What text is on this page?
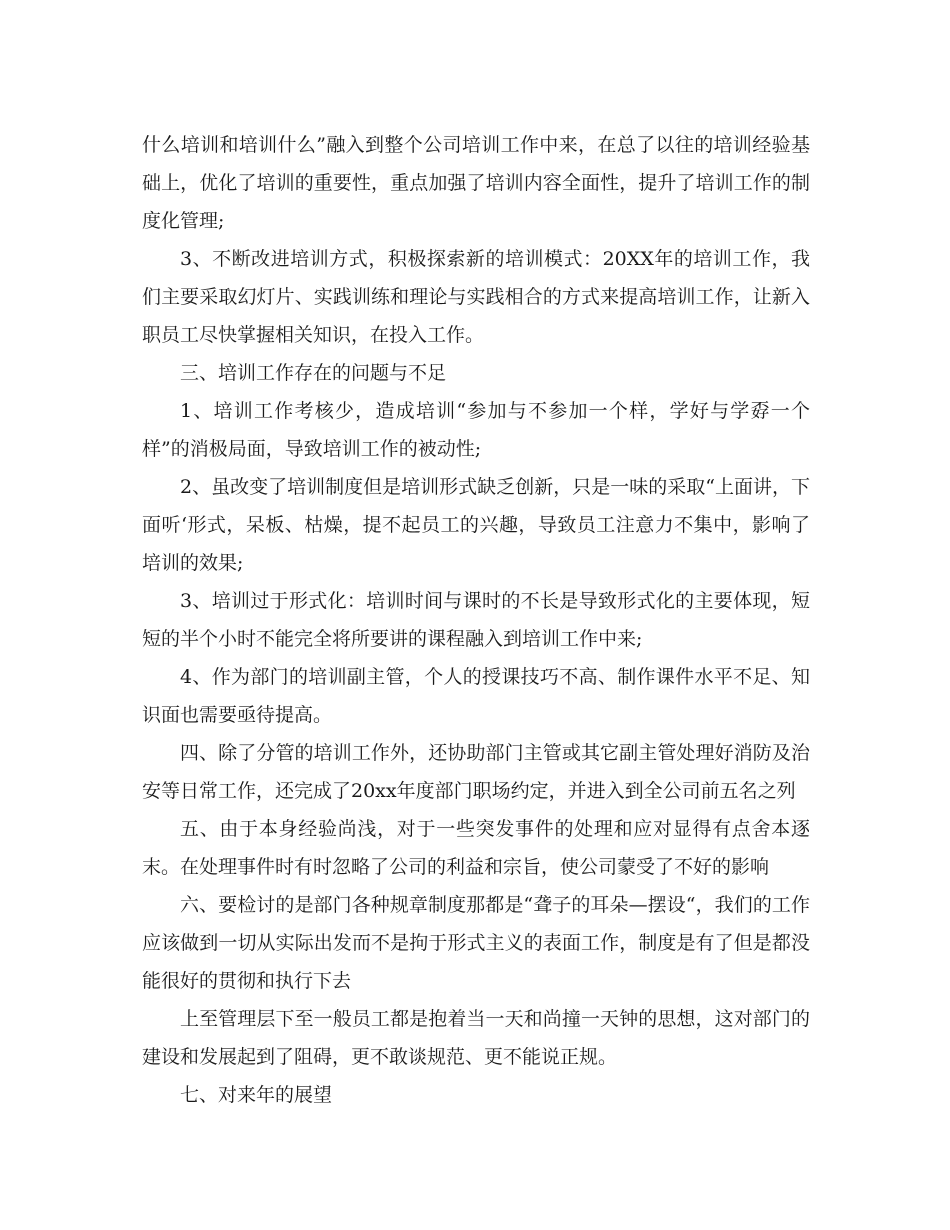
什么培训和培训什么”融入到整个公司培训工作中来，在总了以往的培训经验基础上，优化了培训的重要性，重点加强了培训内容全面性，提升了培训工作的制度化管理;

3、不断改进培训方式，积极探索新的培训模式：20XX年的培训工作，我们主要采取幻灯片、实践训练和理论与实践相合的方式来提高培训工作，让新入职员工尽快掌握相关知识，在投入工作。

三、培训工作存在的问题与不足

1、培训工作考核少，造成培训“参加与不参加一个样，学好与学孬一个样”的消极局面，导致培训工作的被动性;

2、虽改变了培训制度但是培训形式缺乏创新，只是一味的采取“上面讲，下面听‘形式，呆板、枯燥，提不起员工的兴趣，导致员工注意力不集中，影响了培训的效果;

3、培训过于形式化：培训时间与课时的不长是导致形式化的主要体现，短短的半个小时不能完全将所要讲的课程融入到培训工作中来;

4、作为部门的培训副主管，个人的授课技巧不高、制作课件水平不足、知识面也需要亟待提高。

四、除了分管的培训工作外，还协助部门主管或其它副主管处理好消防及治安等日常工作，还完成了20xx年度部门职场约定，并进入到全公司前五名之列

五、由于本身经验尚浅，对于一些突发事件的处理和应对显得有点舍本逐末。在处理事件时有时忽略了公司的利益和宗旨，使公司蒙受了不好的影响

六、要检讨的是部门各种规章制度那都是“聋子的耳朵—摆设“，我们的工作应该做到一切从实际出发而不是拘于形式主义的表面工作，制度是有了但是都没能很好的贯彻和执行下去

上至管理层下至一般员工都是抱着当一天和尚撞一天钟的思想，这对部门的建设和发展起到了阻碍，更不敢谈规范、更不能说正规。

七、对来年的展望
